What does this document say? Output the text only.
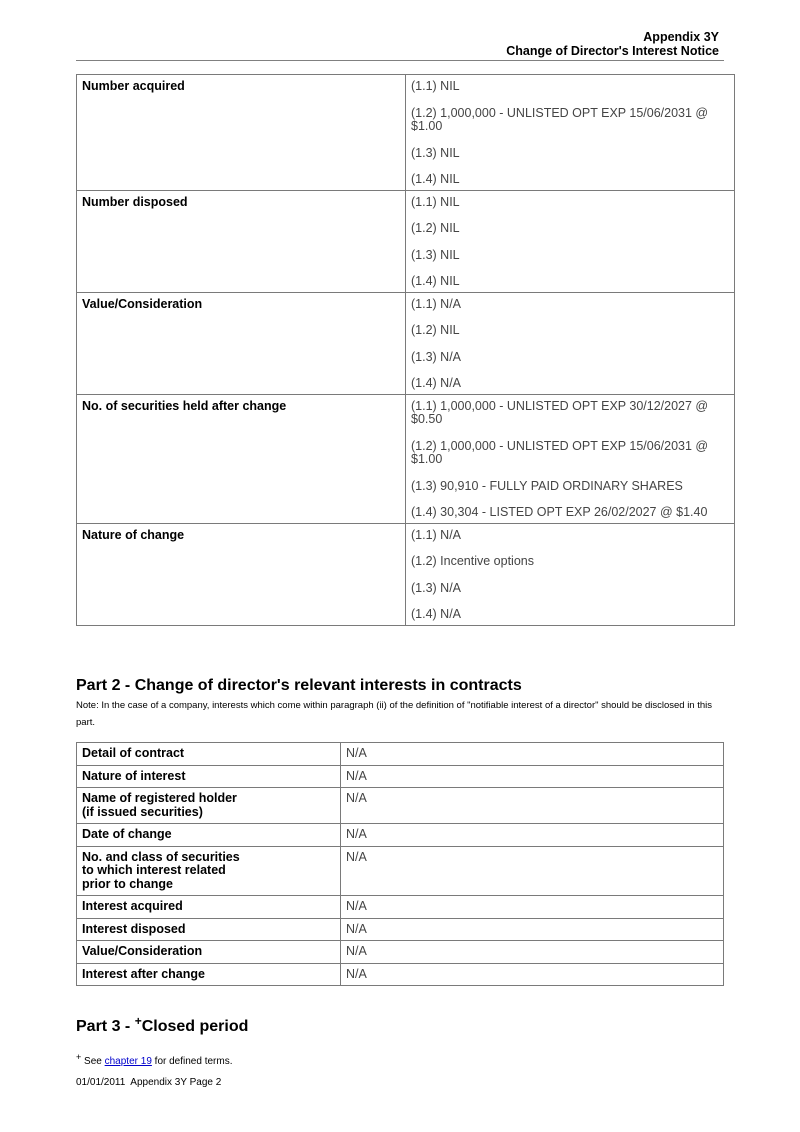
Appendix 3Y
Change of Director's Interest Notice
Number acquired	(1.1) NIL

(1.2) 1,000,000 - UNLISTED OPT EXP 15/06/2031 @ $1.00

(1.3) NIL

(1.4) NIL

Number disposed	(1.1) NIL

(1.2) NIL

(1.3) NIL

(1.4) NIL

Value/Consideration	(1.1) N/A

(1.2) NIL

(1.3) N/A

(1.4) N/A

No. of securities held after change	(1.1) 1,000,000 - UNLISTED OPT EXP 30/12/2027 @ $0.50

(1.2) 1,000,000 - UNLISTED OPT EXP 15/06/2031 @ $1.00

(1.3) 90,910 - FULLY PAID ORDINARY SHARES

(1.4) 30,304 - LISTED OPT EXP 26/02/2027 @ $1.40

Nature of change	(1.1) N/A

(1.2) Incentive options

(1.3) N/A

(1.4) N/A

Part 2 - Change of director's relevant interests in contracts
Note: In the case of a company, interests which come within paragraph (ii) of the definition of "notifiable interest of a director" should be disclosed in this part.
Detail of contract	N/A
Nature of interest	N/A
Name of registered holder
(if issued securities)	N/A
Date of change	N/A
No. and class of securities
to which interest related
prior to change	N/A
Interest acquired	N/A
Interest disposed	N/A
Value/Consideration	N/A
Interest after change	N/A
Part 3 - +Closed period
+ See chapter 19 for defined terms.
01/01/2011  Appendix 3Y Page 2
